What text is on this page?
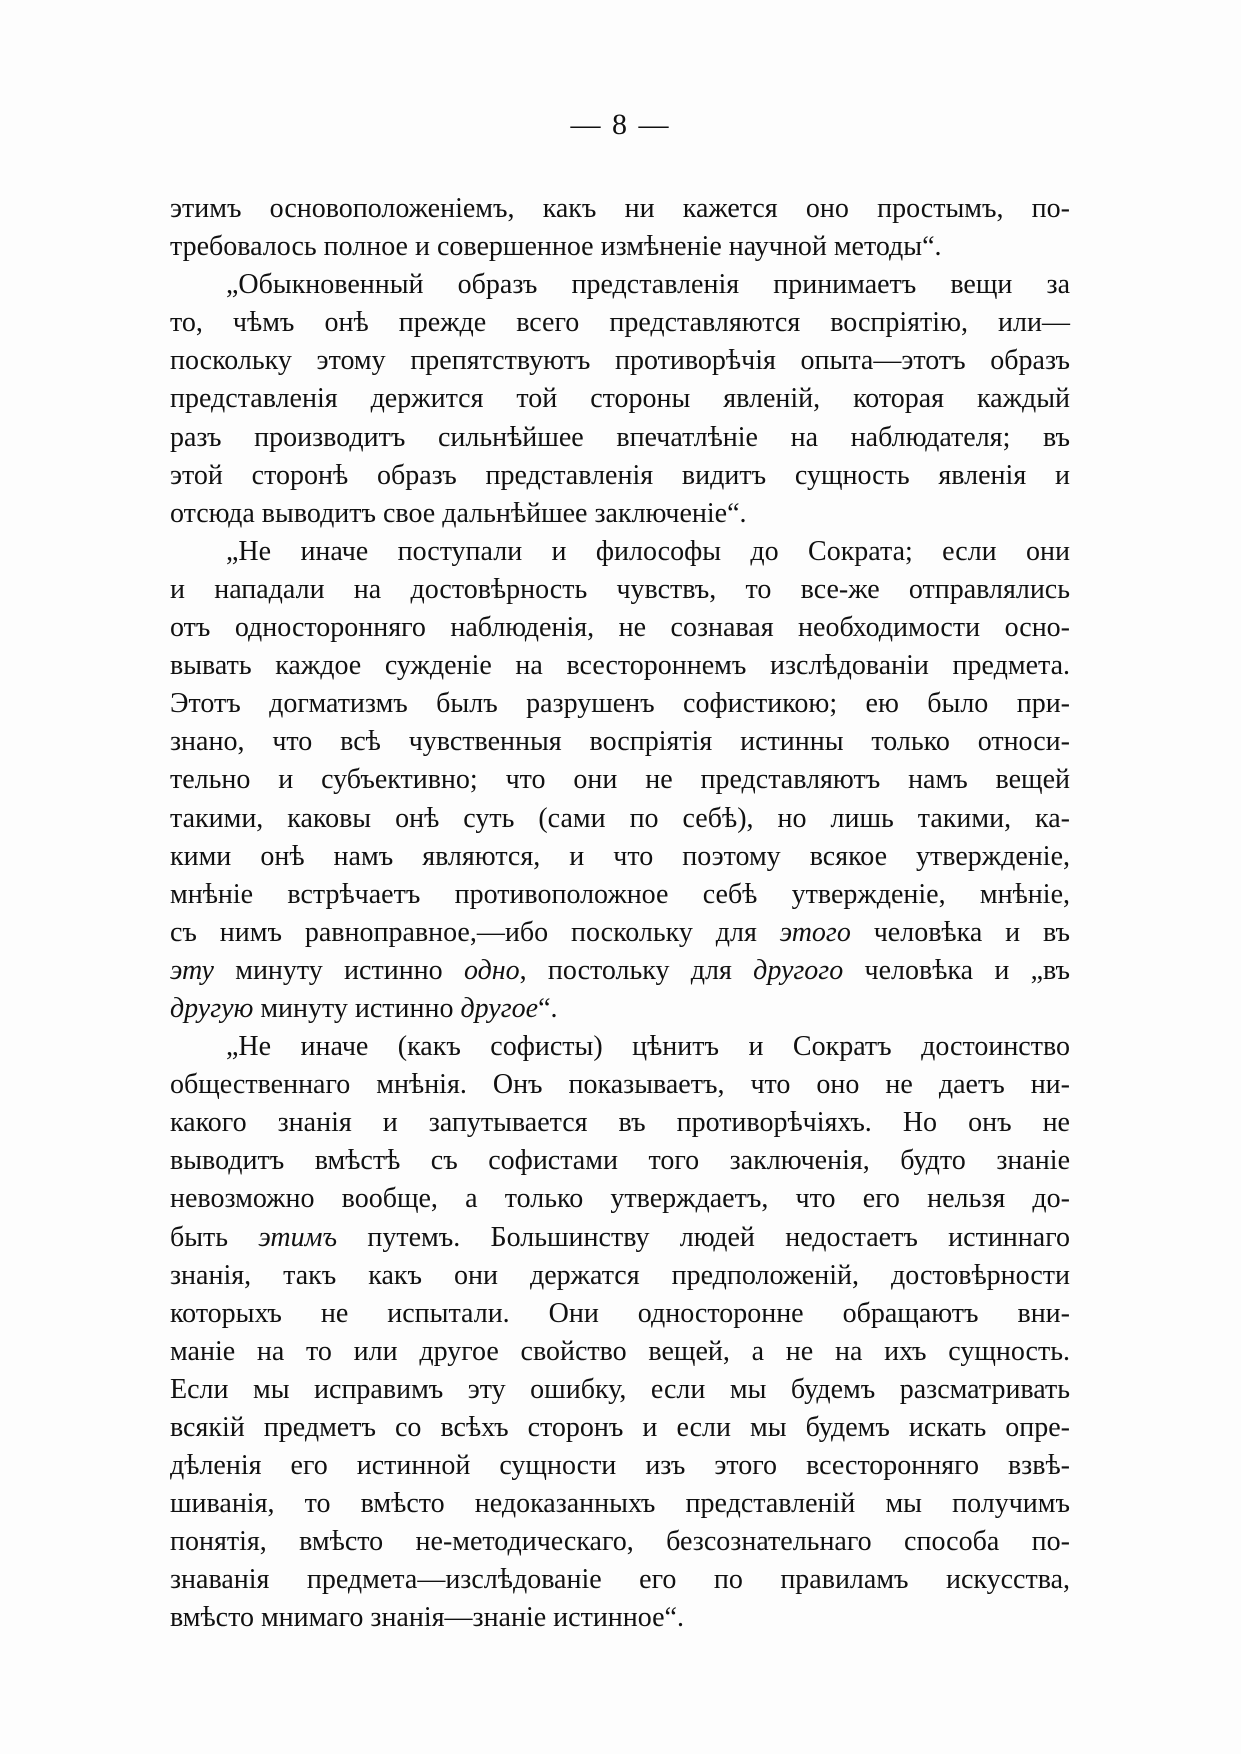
— 8 —
этимъ основоположеніемъ, какъ ни кажется оно простымъ, по-
требовалось полное и совершенное измѣненіе научной методы“.
„Обыкновенный образъ представленія принимаетъ вещи за
то, чѣмъ онѣ прежде всего представляются воспріятію, или—
поскольку этому препятствуютъ противорѣчія опыта—этотъ образъ
представленія держится той стороны явленій, которая каждый
разъ производитъ сильнѣйшее впечатлѣніе на наблюдателя; въ
этой сторонѣ образъ представленія видитъ сущность явленія и
отсюда выводитъ свое дальнѣйшее заключеніе“.
„Не иначе поступали и философы до Сократа; если они
и нападали на достовѣрность чувствъ, то все-же отправлялись
отъ односторонняго наблюденія, не сознавая необходимости осно-
вывать каждое сужденіе на всестороннемъ изслѣдованіи предмета.
Этотъ догматизмъ былъ разрушенъ софистикою; ею было при-
знано, что всѣ чувственныя воспріятія истинны только относи-
тельно и субъективно; что они не представляютъ намъ вещей
такими, каковы онѣ суть (сами по себѣ), но лишь такими, ка-
кими онѣ намъ являются, и что поэтому всякое утвержденіе,
мнѣніе встрѣчаетъ противоположное себѣ утвержденіе, мнѣніе,
съ нимъ равноправное,—ибо поскольку для этого человѣка и въ
эту минуту истинно одно, постольку для другого человѣка и „въ
другую минуту истинно другое“.
„Не иначе (какъ софисты) цѣнитъ и Сократъ достоинство
общественнаго мнѣнія. Онъ показываетъ, что оно не даетъ ни-
какого знанія и запутывается въ противорѣчіяхъ. Но онъ не
выводитъ вмѣстѣ съ софистами того заключенія, будто знаніе
невозможно вообще, а только утверждаетъ, что его нельзя до-
быть этимъ путемъ. Большинству людей недостаетъ истиннаго
знанія, такъ какъ они держатся предположеній, достовѣрности
которыхъ не испытали. Они односторонне обращаютъ вни-
маніе на то или другое свойство вещей, а не на ихъ сущность.
Если мы исправимъ эту ошибку, если мы будемъ разсматривать
всякій предметъ со всѣхъ сторонъ и если мы будемъ искать опре-
дѣленія его истинной сущности изъ этого всесторонняго взвѣ-
шиванія, то вмѣсто недоказанныхъ представленій мы получимъ
понятія, вмѣсто не-методическаго, безсознательнаго способа по-
знаванія предмета—изслѣдованіе его по правиламъ искусства,
вмѣсто мнимаго знанія—знаніе истинное“.
